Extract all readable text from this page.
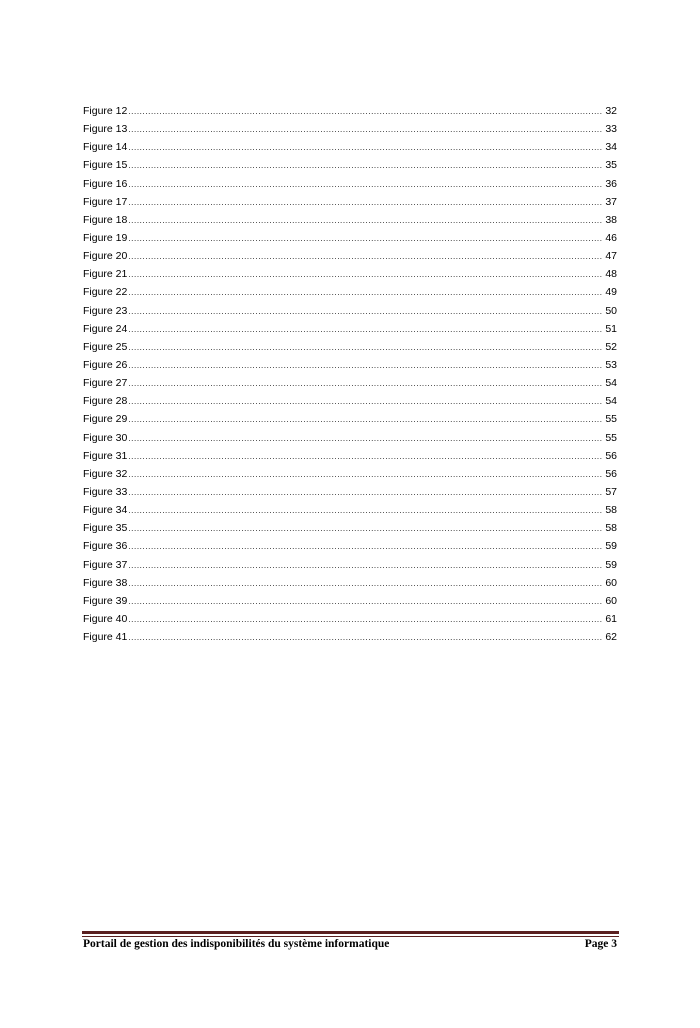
Figure 12 .....	32
Figure 13 .....	33
Figure 14 .....	34
Figure 15 .....	35
Figure 16 .....	36
Figure 17 .....	37
Figure 18 .....	38
Figure 19 .....	46
Figure 20 .....	47
Figure 21 .....	48
Figure 22 .....	49
Figure 23 .....	50
Figure 24 .....	51
Figure 25 .....	52
Figure 26 .....	53
Figure 27 .....	54
Figure 28 .....	54
Figure 29 .....	55
Figure 30 .....	55
Figure 31 .....	56
Figure 32 .....	56
Figure 33 .....	57
Figure 34 .....	58
Figure 35 .....	58
Figure 36 .....	59
Figure 37 .....	59
Figure 38 .....	60
Figure 39 .....	60
Figure 40 .....	61
Figure 41 .....	62
Portail de gestion des indisponibilités du système informatique	Page 3
